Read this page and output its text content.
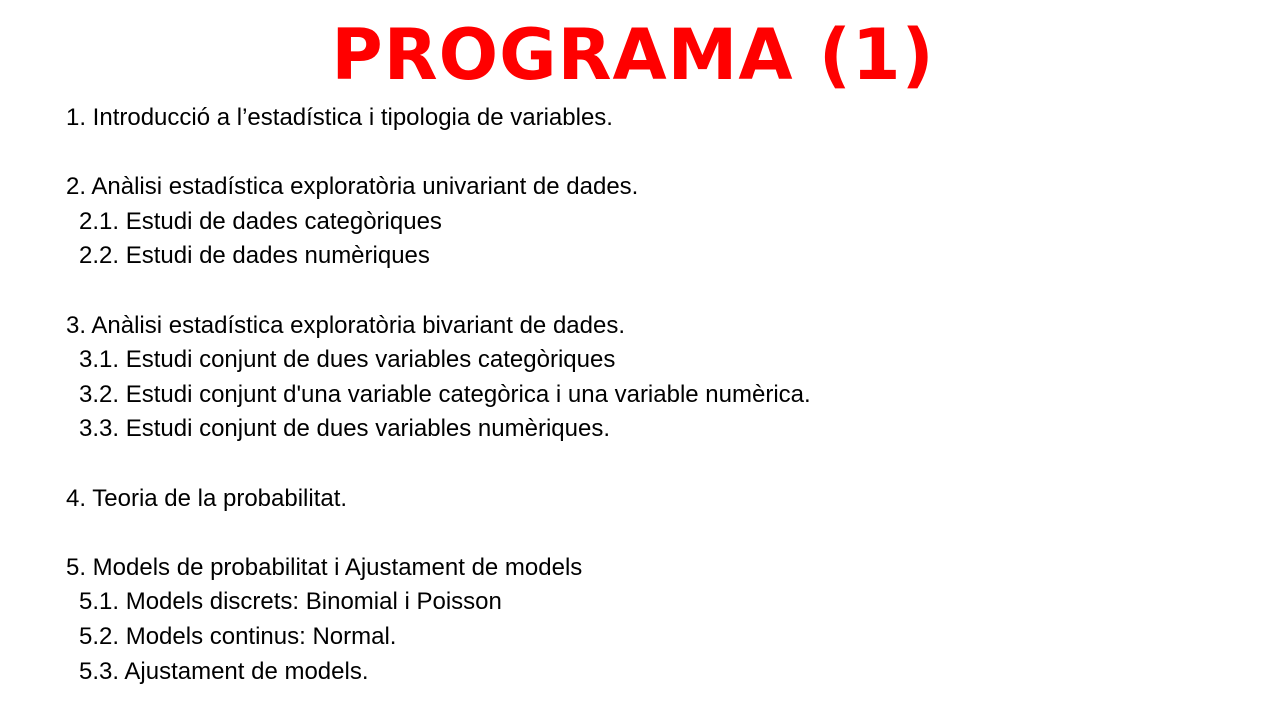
PROGRAMA (1)
1. Introducció a l’estadística i tipologia de variables.
2. Anàlisi estadística exploratòria univariant de dades.
2.1. Estudi de dades categòriques
2.2. Estudi de dades numèriques
3. Anàlisi estadística exploratòria bivariant de dades.
3.1. Estudi conjunt de dues variables categòriques
3.2. Estudi conjunt d'una variable categòrica i una variable numèrica.
3.3. Estudi conjunt de dues variables numèriques.
4. Teoria de la probabilitat.
5. Models de probabilitat i Ajustament de models
5.1. Models discrets: Binomial i Poisson
5.2. Models continus: Normal.
5.3. Ajustament de models.
